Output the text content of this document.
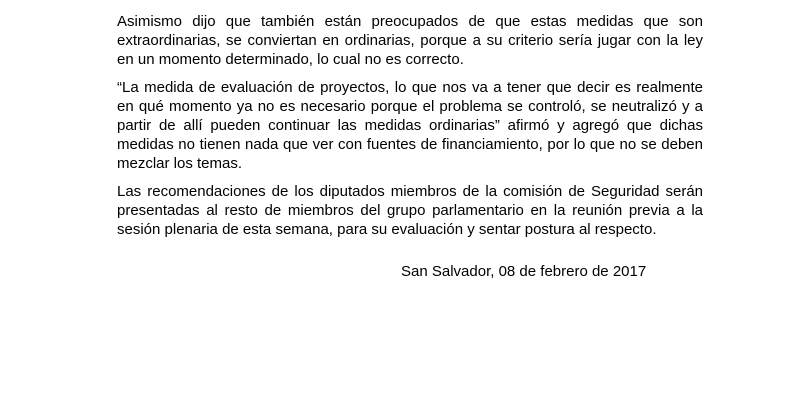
Asimismo dijo que también están preocupados de que estas medidas que son extraordinarias, se conviertan en ordinarias, porque a su criterio sería jugar con la ley en un momento determinado, lo cual no es correcto.

“La medida de evaluación de proyectos, lo que nos va a tener que decir es realmente en qué momento ya no es necesario porque el problema se controló, se neutralizó y a partir de allí pueden continuar las medidas ordinarias” afirmó y agregó que dichas medidas no tienen nada que ver con fuentes de financiamiento, por lo que no se deben mezclar los temas.

Las recomendaciones de los diputados miembros de la comisión de Seguridad serán presentadas al resto de miembros del grupo parlamentario en la reunión previa a la sesión plenaria de esta semana, para su evaluación y sentar postura al respecto.

San Salvador, 08 de febrero de 2017
